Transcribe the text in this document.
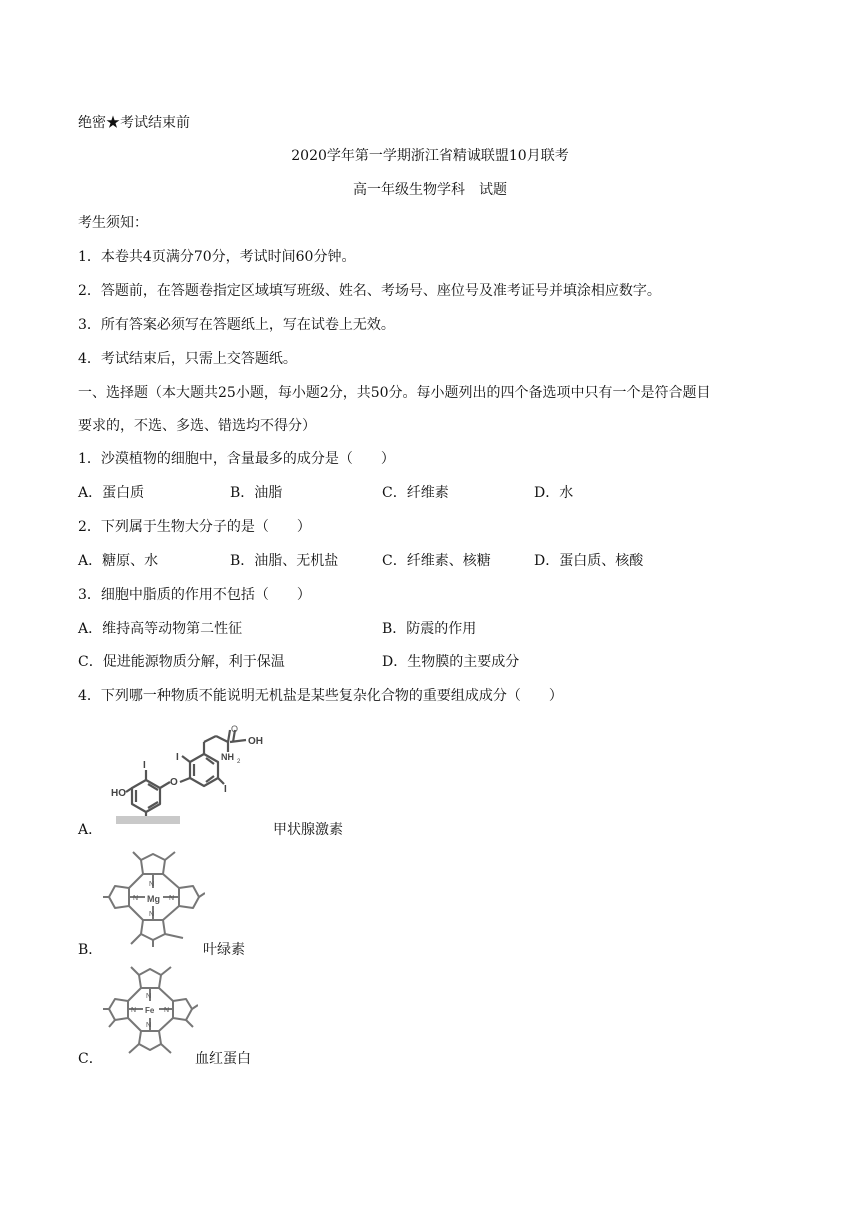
绝密★考试结束前
2020学年第一学期浙江省精诚联盟10月联考
高一年级生物学科　试题
考生须知：
1．本卷共4页满分70分，考试时间60分钟。
2．答题前，在答题卷指定区域填写班级、姓名、考场号、座位号及准考证号并填涂相应数字。
3．所有答案必须写在答题纸上，写在试卷上无效。
4．考试结束后，只需上交答题纸。
一、选择题（本大题共25小题，每小题2分，共50分。每小题列出的四个备选项中只有一个是符合题目
要求的，不选、多选、错选均不得分）
1．沙漠植物的细胞中，含量最多的成分是（　　）
A．蛋白质	B．油脂	C．纤维素	D．水
2．下列属于生物大分子的是（　　）
A．糖原、水	B．油脂、无机盐	C．纤维素、核糖	D．蛋白质、核酸
3．细胞中脂质的作用不包括（　　）
A．维持高等动物第二性征	B．防震的作用
C．促进能源物质分解，利于保温	D．生物膜的主要成分
4．下列哪一种物质不能说明无机盐是某些复杂化合物的重要组成成分（　　）
O
OH
NH 2
O
HO
I
I
I
A．	甲状腺激素
Mg
N
N	N
N
B．	叶绿素
Fe
N
N	N
N
C．	血红蛋白
